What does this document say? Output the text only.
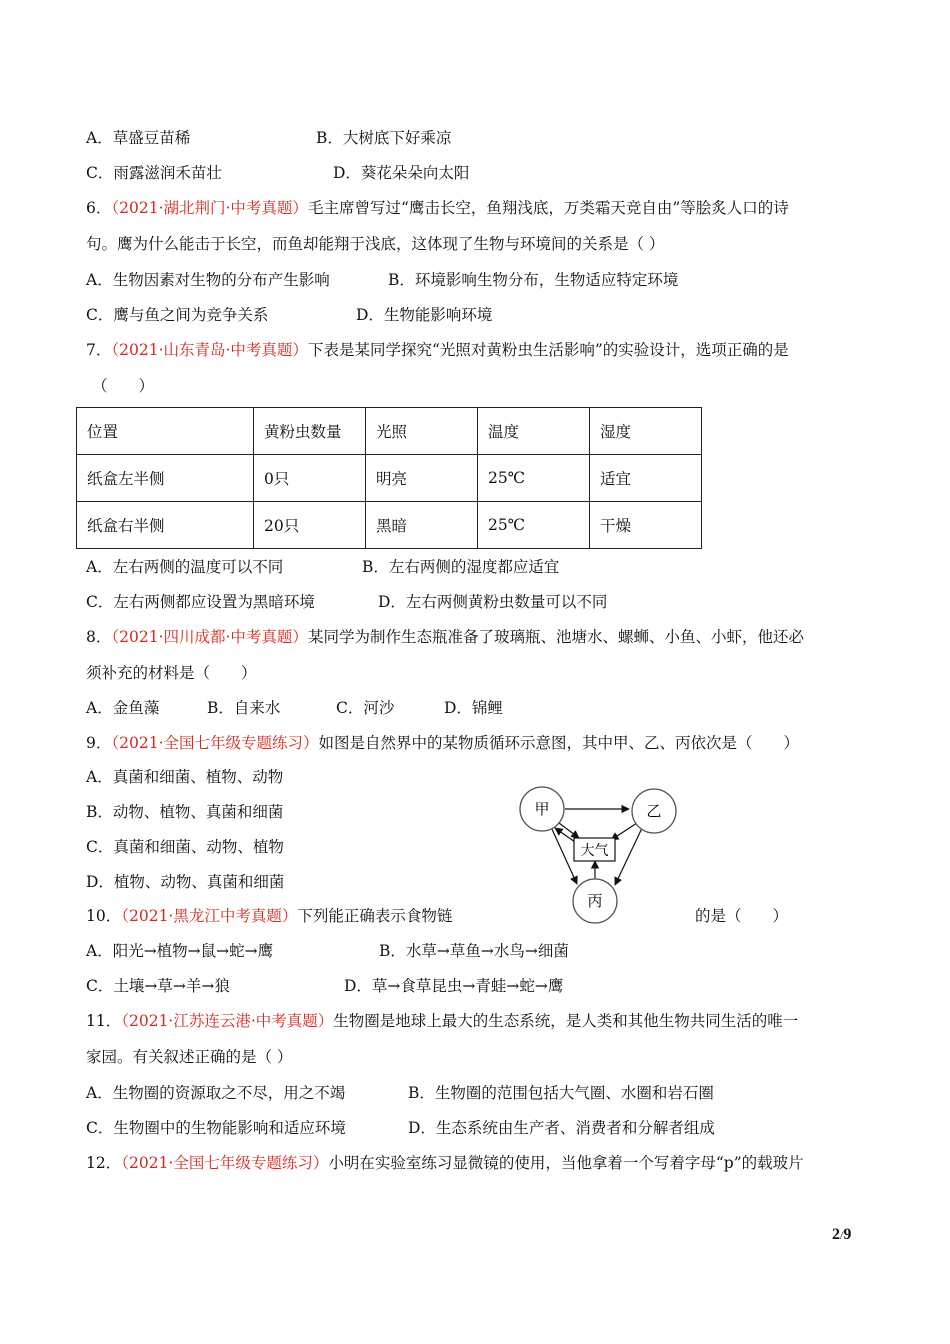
A．草盛豆苗稀	B．大树底下好乘凉
C．雨露滋润禾苗壮	D．葵花朵朵向太阳
6．（2021·湖北荆门·中考真题）毛主席曾写过“鹰击长空，鱼翔浅底，万类霜天竞自由”等脍炙人口的诗
句。鹰为什么能击于长空，而鱼却能翔于浅底，这体现了生物与环境间的关系是（ ）
A．生物因素对生物的分布产生影响	B．环境影响生物分布，生物适应特定环境
C．鹰与鱼之间为竞争关系	D．生物能影响环境
7．（2021·山东青岛·中考真题）下表是某同学探究“光照对黄粉虫生活影响”的实验设计，选项正确的是
（　　）
位置	黄粉虫数量	光照	温度	湿度
纸盒左半侧	0只	明亮	25℃	适宜
纸盒右半侧	20只	黑暗	25℃	干燥
A．左右两侧的温度可以不同	B．左右两侧的湿度都应适宜
C．左右两侧都应设置为黑暗环境	D．左右两侧黄粉虫数量可以不同
8．（2021·四川成都·中考真题）某同学为制作生态瓶准备了玻璃瓶、池塘水、螺蛳、小鱼、小虾，他还必
须补充的材料是（　　）
A．金鱼藻	B．自来水	C．河沙	D．锦鲤
9．（2021·全国七年级专题练习）如图是自然界中的某物质循环示意图，其中甲、乙、丙依次是（　　）
A．真菌和细菌、植物、动物
B．动物、植物、真菌和细菌
C．真菌和细菌、动物、植物
D．植物、动物、真菌和细菌
甲	乙
丙
大气
10．（2021·黑龙江中考真题）下列能正确表示食物链	的是（　　）
A．阳光→植物→鼠→蛇→鹰	B．水草→草鱼→水鸟→细菌
C．土壤→草→羊→狼	D．草→食草昆虫→青蛙→蛇→鹰
11．（2021·江苏连云港·中考真题）生物圈是地球上最大的生态系统，是人类和其他生物共同生活的唯一
家园。有关叙述正确的是（ ）
A．生物圈的资源取之不尽，用之不竭	B．生物圈的范围包括大气圈、水圈和岩石圈
C．生物圈中的生物能影响和适应环境	D．生态系统由生产者、消费者和分解者组成
12．（2021·全国七年级专题练习）小明在实验室练习显微镜的使用，当他拿着一个写着字母“p”的载玻片
2/9
